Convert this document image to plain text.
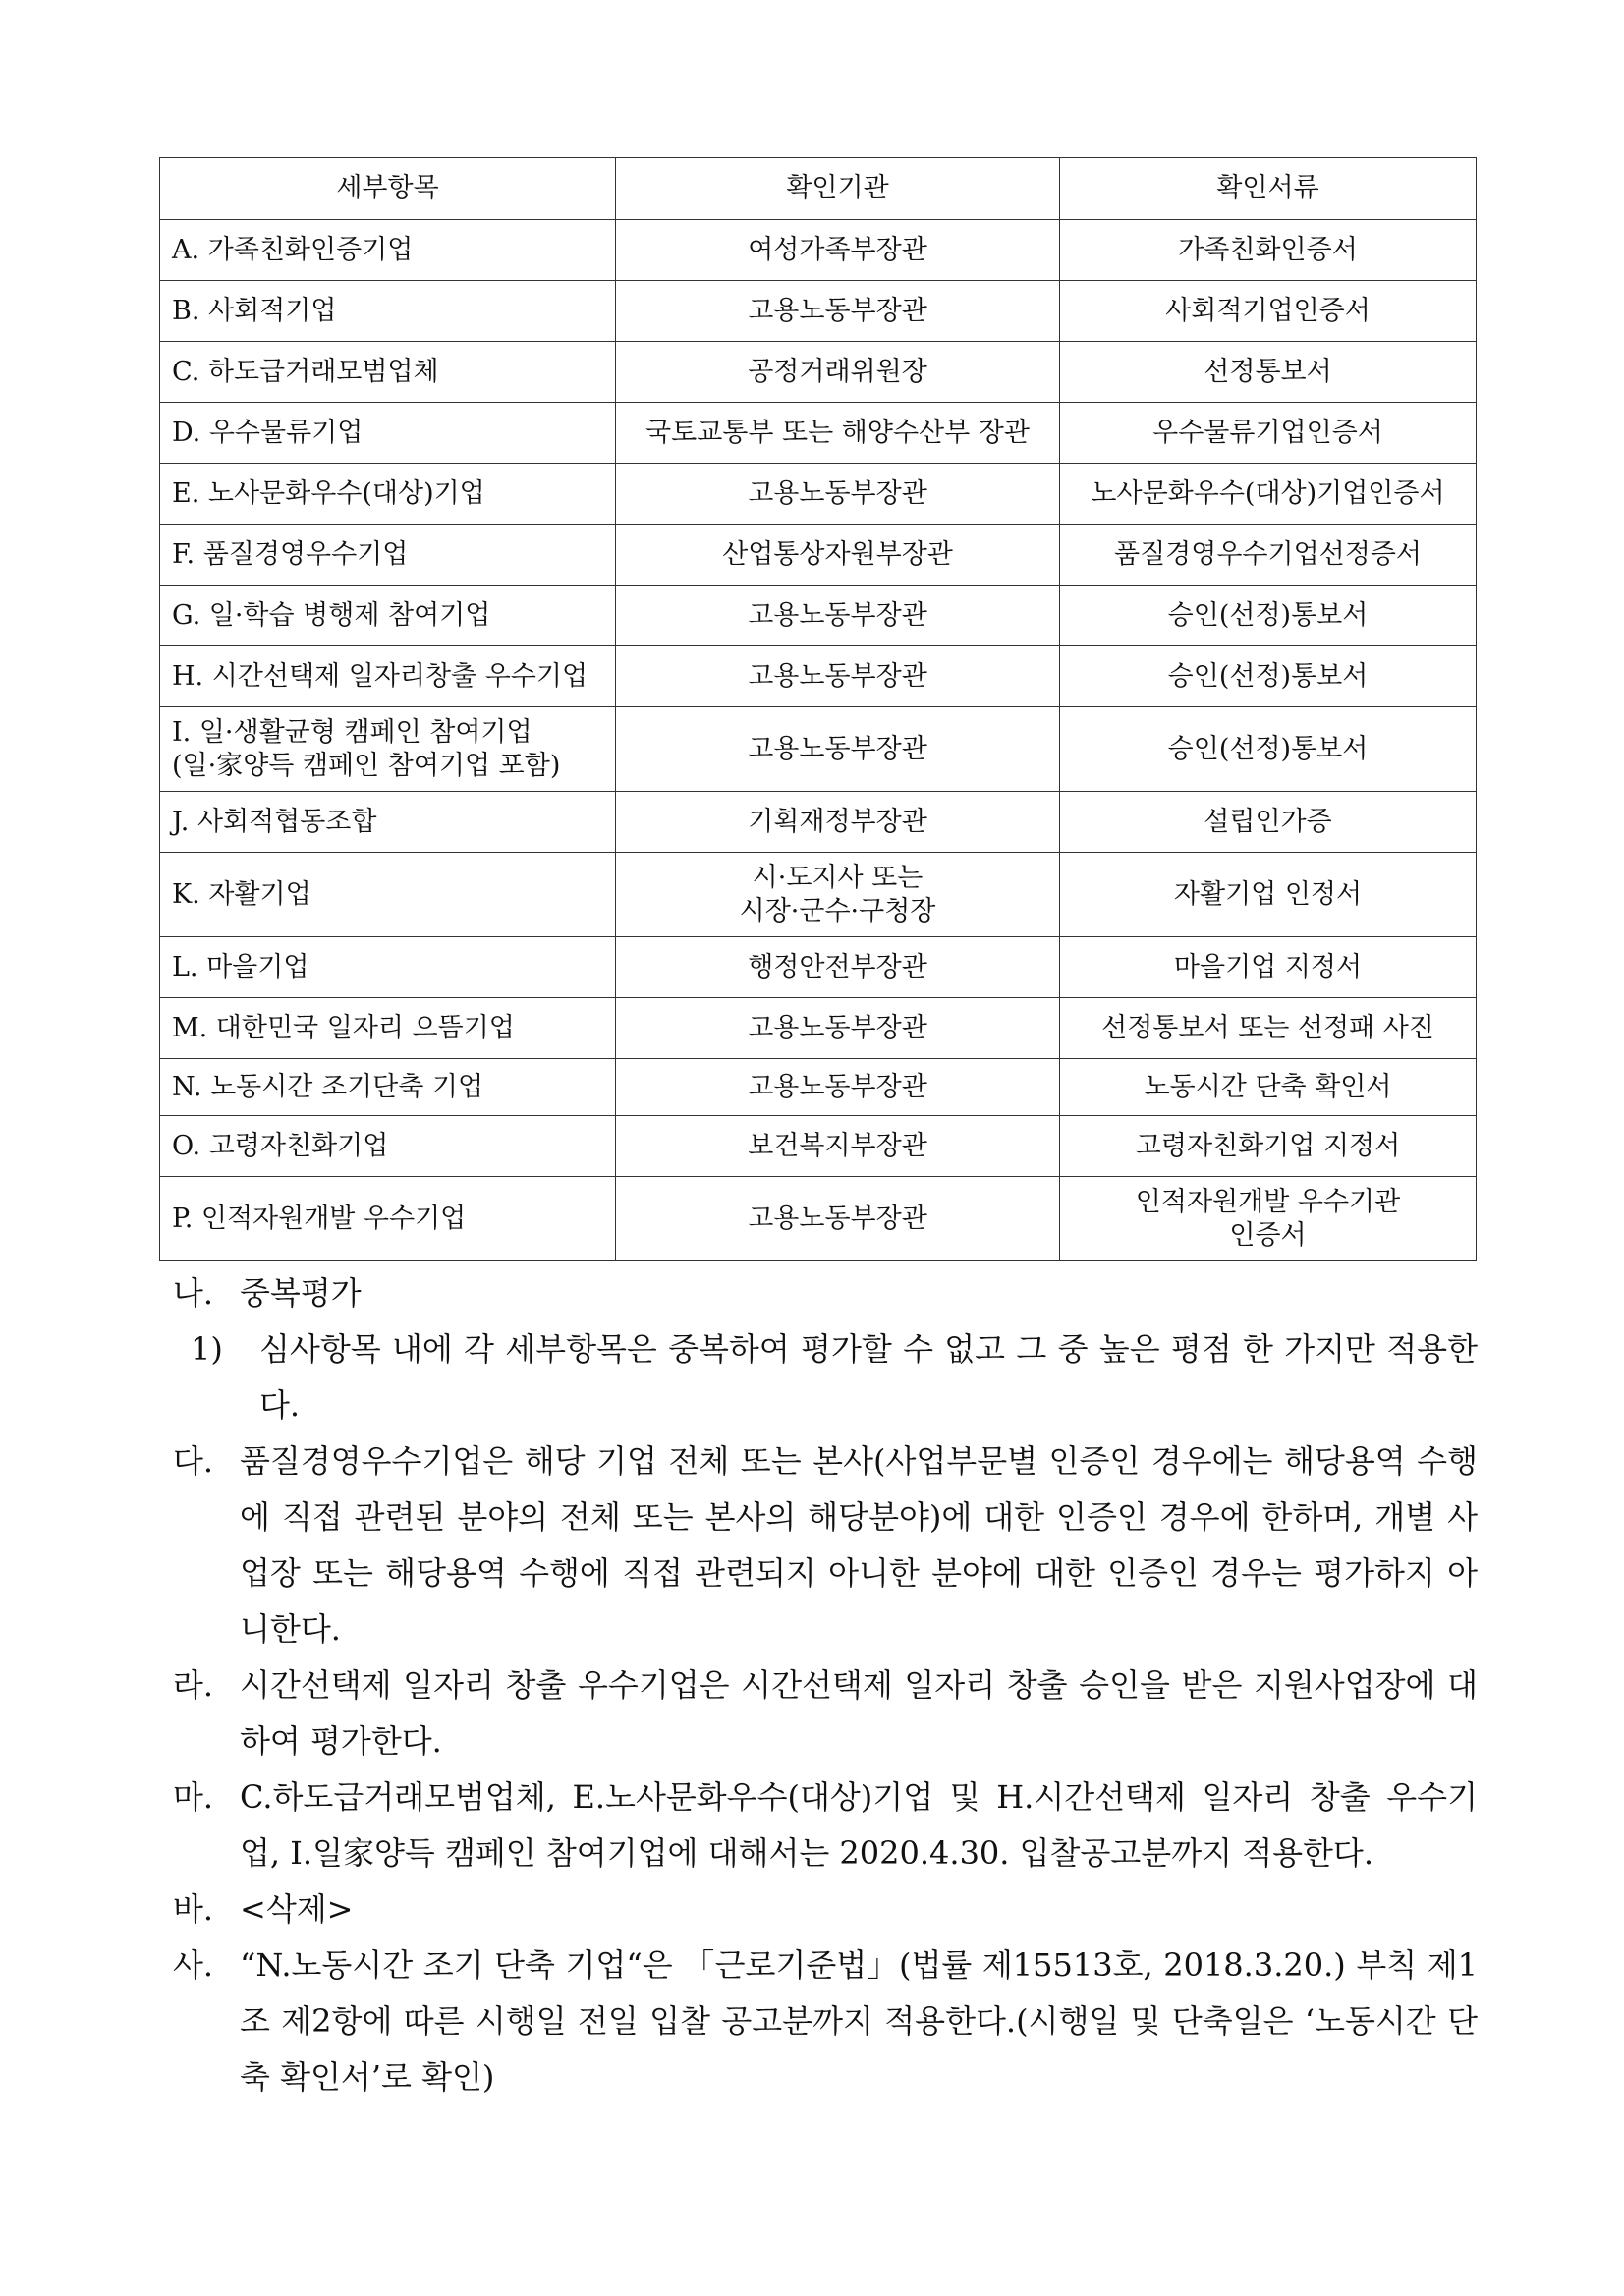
세부항목	확인기관	확인서류
A. 가족친화인증기업	여성가족부장관	가족친화인증서
B. 사회적기업	고용노동부장관	사회적기업인증서
C. 하도급거래모범업체	공정거래위원장	선정통보서
D. 우수물류기업	국토교통부 또는 해양수산부 장관	우수물류기업인증서
E. 노사문화우수(대상)기업	고용노동부장관	노사문화우수(대상)기업인증서
F. 품질경영우수기업	산업통상자원부장관	품질경영우수기업선정증서
G. 일·학습 병행제 참여기업	고용노동부장관	승인(선정)통보서
H. 시간선택제 일자리창출 우수기업	고용노동부장관	승인(선정)통보서
I. 일·생활균형 캠페인 참여기업
(일·家양득 캠페인 참여기업 포함)	고용노동부장관	승인(선정)통보서
J. 사회적협동조합	기획재정부장관	설립인가증
K. 자활기업	시·도지사 또는
시장·군수·구청장	자활기업 인정서
L. 마을기업	행정안전부장관	마을기업 지정서
M. 대한민국 일자리 으뜸기업	고용노동부장관	선정통보서 또는 선정패 사진
N. 노동시간 조기단축 기업	고용노동부장관	노동시간 단축 확인서
O. 고령자친화기업	보건복지부장관	고령자친화기업 지정서
P. 인적자원개발 우수기업	고용노동부장관	인적자원개발 우수기관
인증서
나. 중복평가
1) 심사항목 내에 각 세부항목은 중복하여 평가할 수 없고 그 중 높은 평점 한 가지만 적용한다.
다. 품질경영우수기업은 해당 기업 전체 또는 본사(사업부문별 인증인 경우에는 해당용역 수행에 직접 관련된 분야의 전체 또는 본사의 해당분야)에 대한 인증인 경우에 한하며, 개별 사업장 또는 해당용역 수행에 직접 관련되지 아니한 분야에 대한 인증인 경우는 평가하지 아니한다.
라. 시간선택제 일자리 창출 우수기업은 시간선택제 일자리 창출 승인을 받은 지원사업장에 대하여 평가한다.
마. C.하도급거래모범업체, E.노사문화우수(대상)기업 및 H.시간선택제 일자리 창출 우수기업, I.일家양득 캠페인 참여기업에 대해서는 2020.4.30. 입찰공고분까지 적용한다.
바. <삭제>
사. “N.노동시간 조기 단축 기업“은 「근로기준법」(법률 제15513호, 2018.3.20.) 부칙 제1조 제2항에 따른 시행일 전일 입찰 공고분까지 적용한다.(시행일 및 단축일은 ‘노동시간 단축 확인서’로 확인)
